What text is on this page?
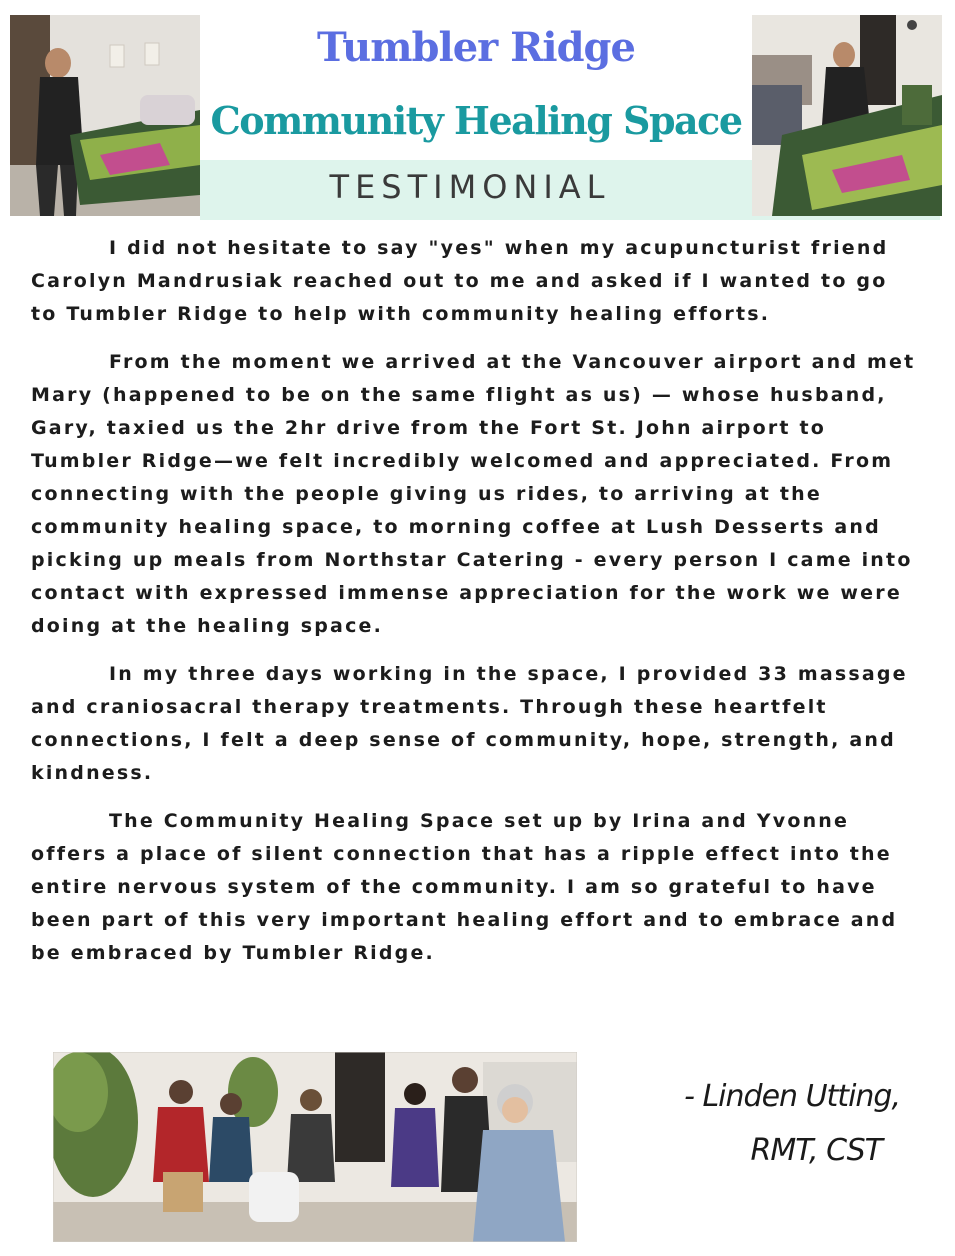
Tumbler Ridge
Community Healing Space
TESTIMONIAL

I did not hesitate to say "yes" when my acupuncturist friend Carolyn Mandrusiak reached out to me and asked if I wanted to go to Tumbler Ridge to help with community healing efforts.

From the moment we arrived at the Vancouver airport and met Mary (happened to be on the same flight as us) — whose husband, Gary, taxied us the 2hr drive from the Fort St. John airport to Tumbler Ridge—we felt incredibly welcomed and appreciated. From connecting with the people giving us rides, to arriving at the community healing space, to morning coffee at Lush Desserts and picking up meals from Northstar Catering - every person I came into contact with expressed immense appreciation for the work we were doing at the healing space.

In my three days working in the space, I provided 33 massage and craniosacral therapy treatments. Through these heartfelt connections, I felt a deep sense of community, hope, strength, and kindness.

The Community Healing Space set up by Irina and Yvonne offers a place of silent connection that has a ripple effect into the entire nervous system of the community. I am so grateful to have been part of this very important healing effort and to embrace and be embraced by Tumbler Ridge.

- Linden Utting,
RMT, CST
